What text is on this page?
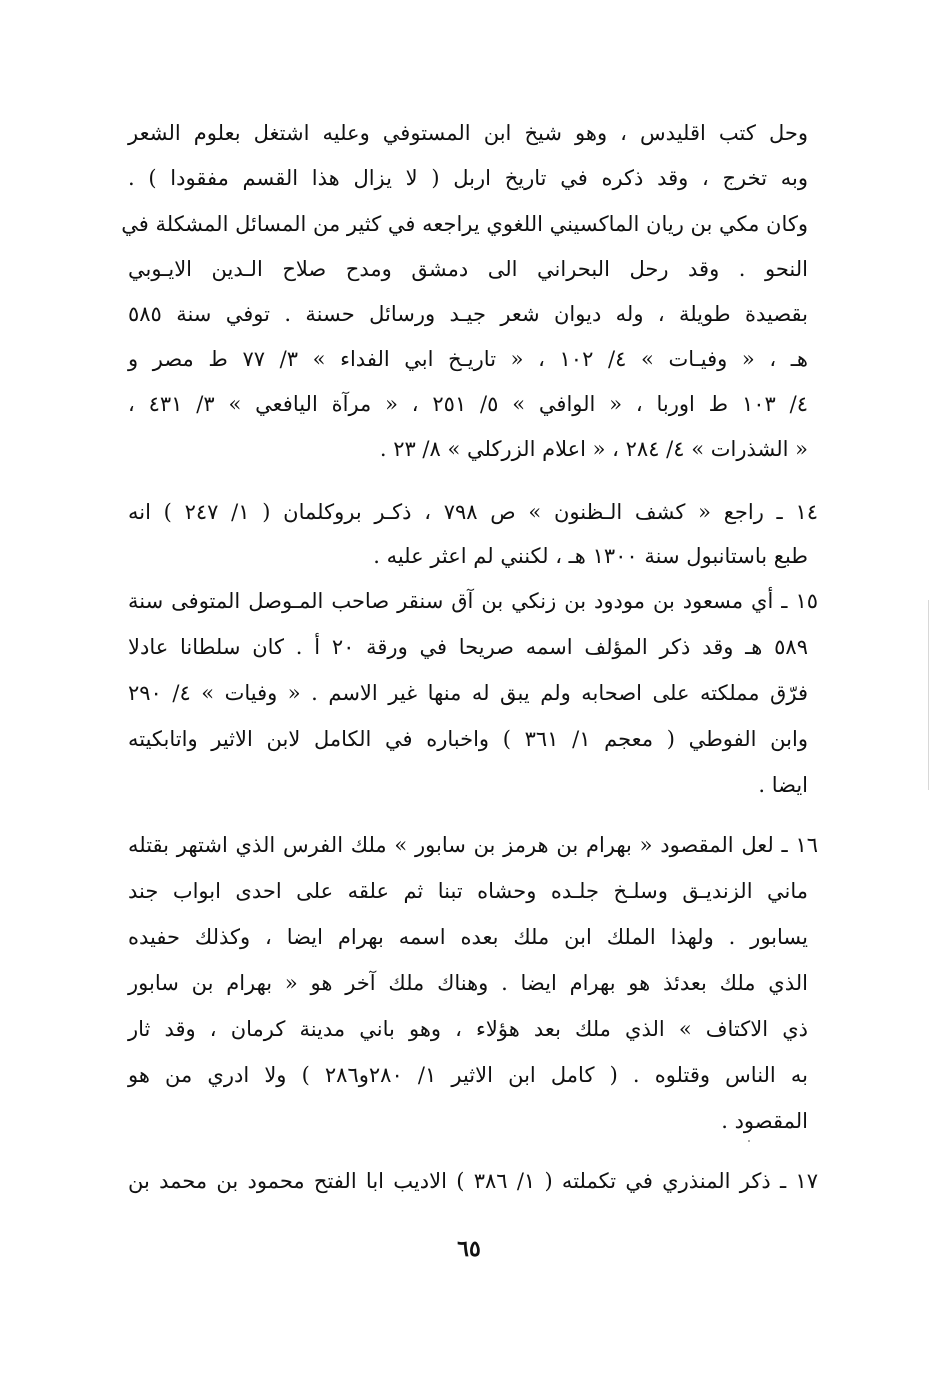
وحل كتب اقليدس ، وهو شيخ ابن المستوفي وعليه اشتغل بعلوم الشعر
وبه تخرج ، وقد ذكره في تاريخ اربل ( لا يزال هذا القسم مفقودا ) .
وكان مكي بن ريان الماكسيني اللغوي يراجعه في كثير من المسائل المشكلة في
النحو . وقد رحل البحراني الى دمشق ومدح صلاح الـدين الايـوبي
بقصيدة طويلة ، وله ديوان شعر جيـد ورسائل حسنة . توفي سنة ٥٨٥
هـ ، « وفيـات » ٤/ ١٠٢ ، « تاريـخ ابي الفداء » ٣/ ٧٧ ط مصر و
٤/ ١٠٣ ط اوربا ، « الوافي » ٥/ ٢٥١ ، « مرآة اليافعي » ٣/ ٤٣١ ،
« الشذرات » ٤/ ٢٨٤ ، « اعلام الزركلي » ٨/ ٢٣ .
١٤ ـ راجع « كشف الـظنون » ص ٧٩٨ ، ذكـر بروكلمان ( ١/ ٢٤٧ ) انه
طبع باستانبول سنة ١٣٠٠ هـ ، لكنني لم اعثر عليه .
١٥ ـ أي مسعود بن مودود بن زنكي بن آق سنقر صاحب المـوصل المتوفى سنة
٥٨٩ هـ وقد ذكر المؤلف اسمه صريحا في ورقة ٢٠ أ . كان سلطانا عادلا
فرّق مملكته على اصحابه ولم يبق له منها غير الاسم . « وفيات » ٤/ ٢٩٠
وابن الفوطي ( معجم ١/ ٣٦١ ) واخباره في الكامل لابن الاثير واتابكيته
ايضا .
١٦ ـ لعل المقصود « بهرام بن هرمز بن سابور » ملك الفرس الذي اشتهر بقتله
ماني الزنديـق وسلـخ جلـده وحشاه تبنا ثم علقه على احدى ابواب جند
يسابور . ولهذا الملك ابن ملك بعده اسمه بهرام ايضا ، وكذلك حفيده
الذي ملك بعدئذ هو بهرام ايضا . وهناك ملك آخر هو « بهرام بن سابور
ذي الاكتاف » الذي ملك بعد هؤلاء ، وهو باني مدينة كرمان ، وقد ثار
به الناس وقتلوه . ( كامل ابن الاثير ١/ ٢٨٠و٢٨٦ ) ولا ادري من هو
المقصود .
١٧ ـ ذكر المنذري في تكملته ( ١/ ٣٨٦ ) الاديب ابا الفتح محمود بن محمد بن
٦٥
